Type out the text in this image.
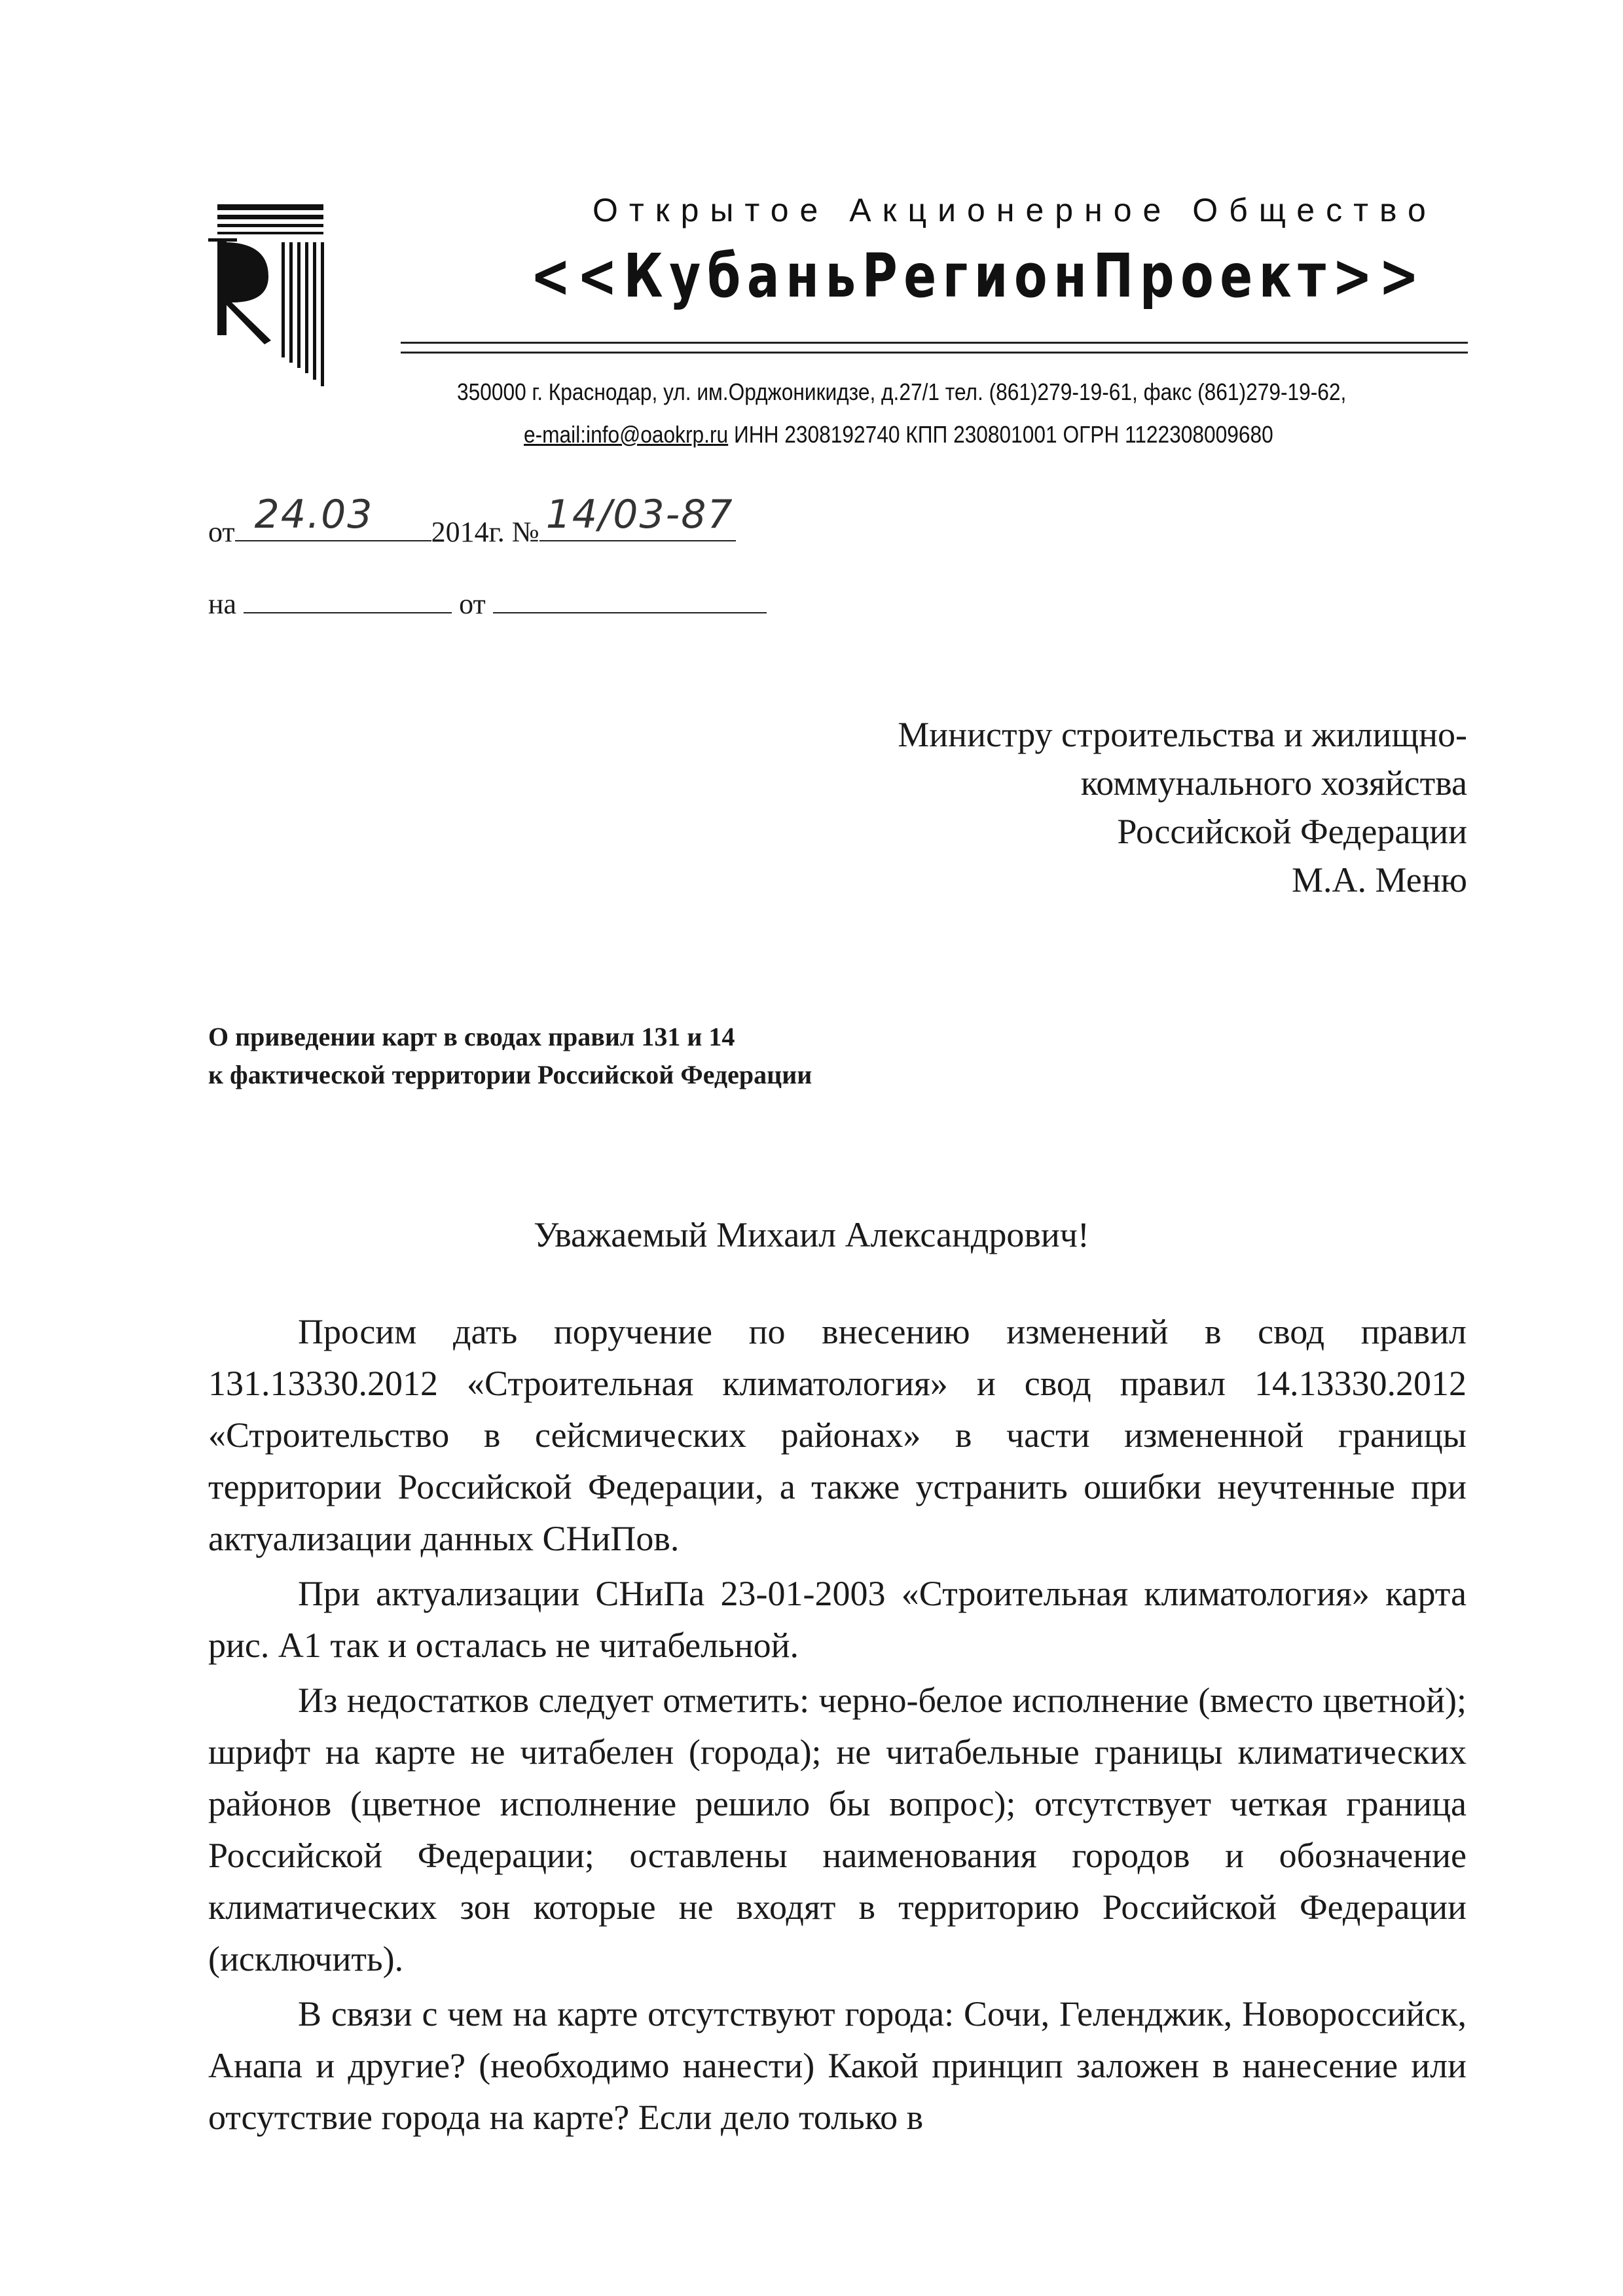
Открытое Акционерное Общество
<<КубаньРегионПроект>>
350000 г. Краснодар, ул. им.Орджоникидзе, д.27/1 тел. (861)279-19-61, факс (861)279-19-62,
e-mail:info@oaokrp.ru ИНН 2308192740 КПП 230801001 ОГРН 1122308009680
от 24.03 2014г. № 14/03-87
на	от
Министру строительства и жилищно-
коммунального хозяйства
Российской Федерации
М.А. Меню
О приведении карт в сводах правил 131 и 14
к фактической территории Российской Федерации
Уважаемый Михаил Александрович!

Просим дать поручение по внесению изменений в свод правил 131.13330.2012 «Строительная климатология» и свод правил 14.13330.2012 «Строительство в сейсмических районах» в части измененной границы территории Российской Федерации, а также устранить ошибки неучтенные при актуализации данных СНиПов.

При актуализации СНиПа 23-01-2003 «Строительная климатология» карта рис. А1 так и осталась не читабельной.

Из недостатков следует отметить: черно-белое исполнение (вместо цветной); шрифт на карте не читабелен (города); не читабельные границы климатических районов (цветное исполнение решило бы вопрос); отсутствует четкая граница Российской Федерации; оставлены наименования городов и обозначение климатических зон которые не входят в территорию Российской Федерации (исключить).

В связи с чем на карте отсутствуют города: Сочи, Геленджик, Новороссийск, Анапа и другие? (необходимо нанести) Какой принцип заложен в нанесение или отсутствие города на карте? Если дело только в
